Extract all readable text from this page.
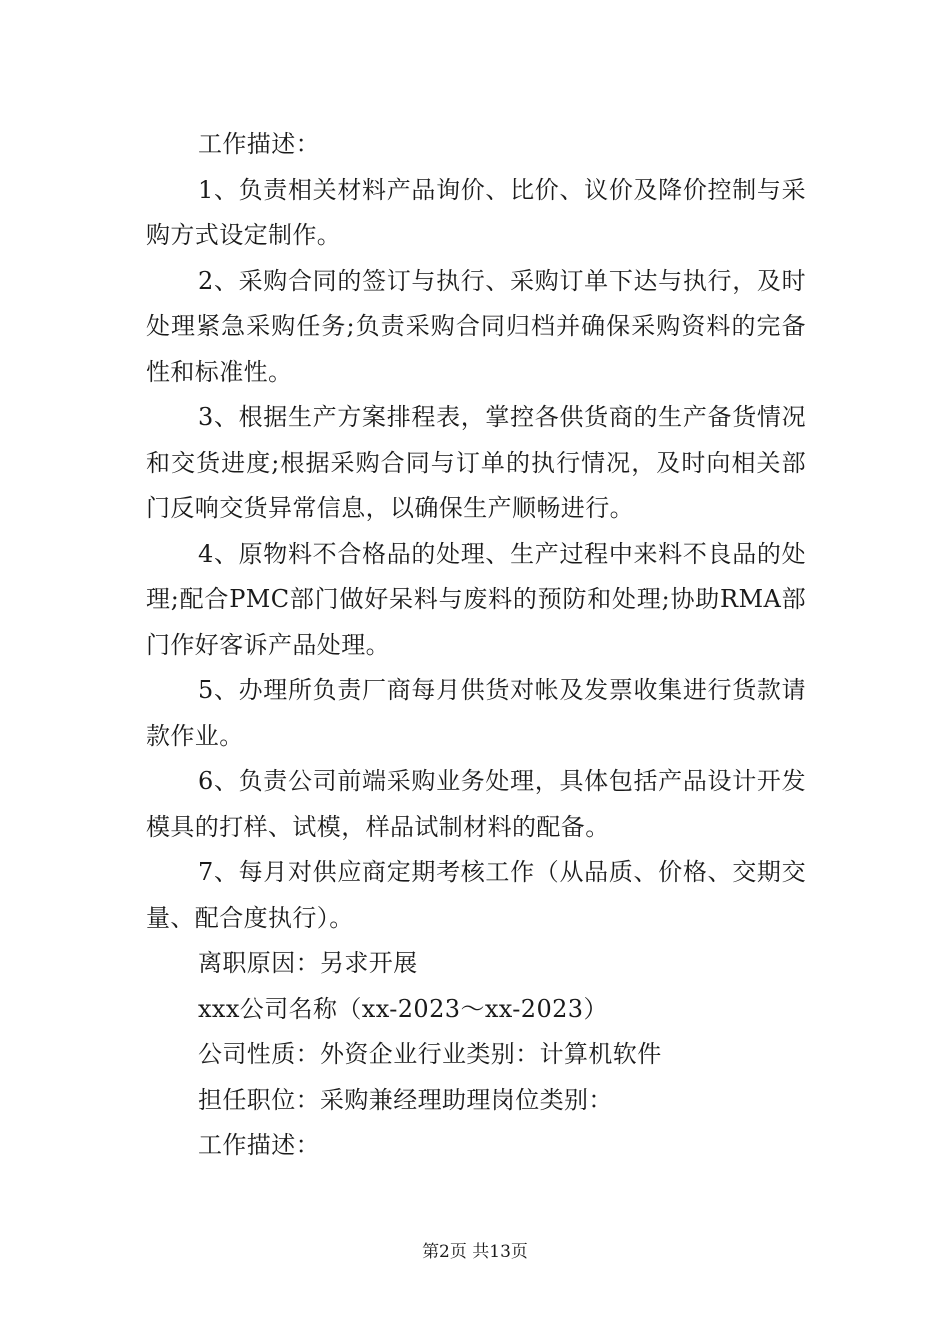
工作描述：

1、负责相关材料产品询价、比价、议价及降价控制与采购方式设定制作。

2、采购合同的签订与执行、采购订单下达与执行，及时处理紧急采购任务;负责采购合同归档并确保采购资料的完备性和标准性。

3、根据生产方案排程表，掌控各供货商的生产备货情况和交货进度;根据采购合同与订单的执行情况，及时向相关部门反响交货异常信息，以确保生产顺畅进行。

4、原物料不合格品的处理、生产过程中来料不良品的处理;配合PMC部门做好呆料与废料的预防和处理;协助RMA部门作好客诉产品处理。

5、办理所负责厂商每月供货对帐及发票收集进行货款请款作业。

6、负责公司前端采购业务处理，具体包括产品设计开发模具的打样、试模，样品试制材料的配备。

7、每月对供应商定期考核工作（从品质、价格、交期交量、配合度执行）。

离职原因：另求开展

xxx公司名称（xx-2023～xx-2023）

公司性质：外资企业行业类别：计算机软件

担任职位：采购兼经理助理岗位类别：

工作描述：

第2页 共13页
